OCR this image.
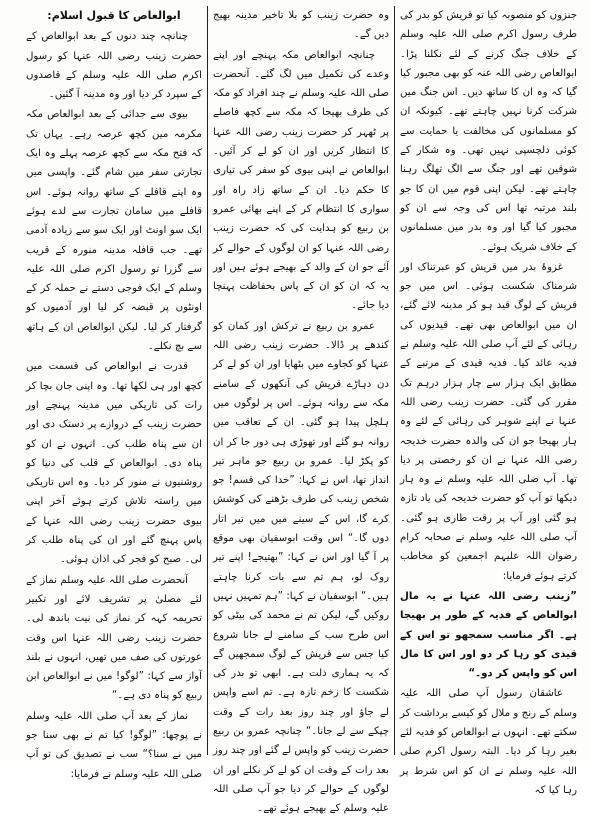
جنزوں کو منصوبہ کیا تو قریش کو بدر کی طرف رسول اکرم صلی اللہ علیہ وسلم کے خلاف جنگ کرنے کے لئے نکلنا پڑا۔ ابوالعاص رضی اللہ عنہ کو بھی مجبور کیا گیا کہ وہ ان کا ساتھ دیں۔ اس جنگ میں شرکت کرنا نہیں چاہتے تھے۔ کیونکہ ان کو مسلمانوں کی مخالفت یا حمایت سے کوئی دلچسپی نہیں تھی۔ وہ شکار کے شوقین تھے اور جنگ سے الگ تھلگ رہنا چاہتے تھے۔ لیکن اپنی قوم میں ان کا جو بلند مرتبہ تھا اس کی وجہ سے ان کو مجبور کیا گیا اور وہ بدر میں مسلمانوں کے خلاف شریک ہوئے۔

غزوۂ بدر میں قریش کو عبرتناک اور شرمناک شکست ہوئی۔ اس میں جو قریش کے لوگ قید ہو کر مدینہ لائے گئے، ان میں ابوالعاص بھی تھے۔ قیدیوں کی رہائی کے لئے آپ صلی اللہ علیہ وسلم نے فدیہ عائد کیا۔ فدیہ قیدی کے مرتبے کے مطابق ایک ہزار سے چار ہزار درہم تک مقرر کی گئی۔ حضرت زینب رضی اللہ عنہا نے اپنے شوہر کی رہائی کے لئے وہ ہار بھیجا جو ان کی والدہ حضرت خدیجہ رضی اللہ عنہا نے ان کو رخصتی پر دیا تھا۔ آپ صلی اللہ علیہ وسلم نے وہ ہار دیکھا تو آپ کو حضرت خدیجہ کی یاد تازہ ہو گئی اور آپ پر رقت طاری ہو گئی۔ آپ صلی اللہ علیہ وسلم نے صحابہ کرام رضوان اللہ علیہم اجمعین کو مخاطب کرتے ہوئے فرمایا:

”زینب رضی اللہ عنہا نے یہ مال ابوالعاص کے فدیہ کے طور پر بھیجا ہے۔ اگر مناسب سمجھو تو اس کے قیدی کو رہا کر دو اور اس کا مال اس کو واپس کر دو۔“

عاشقان رسول آپ صلی اللہ علیہ وسلم کے رنج و ملال کو کیسے برداشت کر سکتے تھے۔ انہوں نے ابوالعاص کو فدیہ لئے بغیر رہا کر دیا۔ البتہ رسول اکرم صلی اللہ علیہ وسلم نے ان کو اس شرط پر رہا کیا کہ

وہ حضرت زینب کو بلا تاخیر مدینہ بھیج دیں گے۔

چنانچہ ابوالعاص مکہ پہنچے اور اپنے وعدے کی تکمیل میں لگ گئے۔ آنحضرت صلی اللہ علیہ وسلم نے چند افراد کو مکہ کی طرف بھیجا کہ مکہ سے کچھ فاصلے پر ٹھہر کر حضرت زینب رضی اللہ عنہا کا انتظار کریں اور ان کو لے کر آئیں۔ ابوالعاص نے اپنی بیوی کو سفر کی تیاری کا حکم دیا۔ ان کے ساتھ زاد راہ اور سواری کا انتظام کر کے اپنے بھائی عمرو بن ربیع کو ہدایت کی کہ حضرت زینب رضی اللہ عنہا کو ان لوگوں کے حوالے کر آئے جو ان کے والد کے بھیجے ہوئے ہیں اور یہ کہ ان کو ان کے پاس بحفاظت پہنچا دیا جائے۔

عمرو بن ربیع نے ترکش اور کمان کو کندھے پر ڈالا۔ حضرت زینب رضی اللہ عنہا کو کجاوے میں بٹھایا اور ان کو لے کر دن دہاڑے قریش کی آنکھوں کے سامنے مکہ سے روانہ ہوئے۔ اس پر لوگوں میں ہلچل پیدا ہو گئی۔ ان کے تعاقب میں روانہ ہو گئے اور تھوڑی ہی دور جا کر ان کو پکڑ لیا۔ عمرو بن ربیع جو ماہر تیر انداز تھا، اس نے کہا: ”خدا کی قسم! جو شخص زینب کی طرف بڑھنے کی کوشش کرے گا، اس کے سینے میں میں تیر اتار دوں گا۔“ اس وقت ابوسفیان بھی موقع پر آ گیا اور اس نے کہا: ”بھتیجے! اپنے تیر روک لو، ہم تم سے بات کرنا چاہتے ہیں۔“ ابوسفیان نے کہا: ”ہم تمہیں نہیں روکیں گے، لیکن تم نے محمد کی بیٹی کو اس طرح سب کے سامنے لے جانا شروع کیا جس سے قریش کے لوگ سمجھیں گے کہ یہ ہماری ذلت ہے۔ ابھی تو بدر کی شکست کا زخم تازہ ہے۔ تم اسے واپس لے جاؤ اور چند روز بعد رات کے وقت چپکے سے لے جانا۔“ چنانچہ عمرو بن ربیع حضرت زینب کو واپس لے گئے اور چند روز بعد رات کے وقت ان کو لے کر نکلے اور ان لوگوں کے حوالے کر دیا جو آپ صلی اللہ علیہ وسلم کے بھیجے ہوئے تھے۔

ابوالعاص کا قبول اسلام:

چنانچہ چند دنوں کے بعد ابوالعاص کے حضرت زینب رضی اللہ عنہا کو رسول اکرم صلی اللہ علیہ وسلم کے قاصدوں کے سپرد کر دیا اور وہ مدینہ آ گئیں۔

بیوی سے جدائی کے بعد ابوالعاص مکہ مکرمہ میں کچھ عرصہ رہے۔ یہاں تک کہ فتح مکہ سے کچھ عرصہ پہلے وہ ایک تجارتی سفر میں شام گئے۔ واپسی میں وہ اپنے قافلے کے ساتھ روانہ ہوئے۔ اس قافلے میں سامان تجارت سے لدے ہوئے ایک سو اونٹ اور ایک سو سے زیادہ آدمی تھے۔ جب قافلہ مدینہ منورہ کے قریب سے گزرا تو رسول اکرم صلی اللہ علیہ وسلم کے ایک فوجی دستے نے حملہ کر کے اونٹوں پر قبضہ کر لیا اور آدمیوں کو گرفتار کر لیا۔ لیکن ابوالعاص ان کے ہاتھ سے بچ نکلے۔

قدرت نے ابوالعاص کی قسمت میں کچھ اور ہی لکھا تھا۔ وہ اپنی جان بچا کر رات کی تاریکی میں مدینہ پہنچے اور حضرت زینب کے دروازے پر دستک دی اور ان سے پناہ طلب کی۔ انہوں نے ان کو پناہ دی۔ ابوالعاص کے قلب کی دنیا کو روشنیوں نے منور کر دیا۔ وہ اس تاریکی میں راستہ تلاش کرتے ہوئے آخر اپنی بیوی حضرت زینب رضی اللہ عنہا کے پاس پہنچ گئے اور ان کی پناہ طلب کر لی۔ صبح کو فجر کی اذان ہوئی۔

آنحضرت صلی اللہ علیہ وسلم نماز کے لئے مصلیٰ پر تشریف لائے اور تکبیر تحریمہ کہہ کر نماز کی نیت باندھ لی۔ حضرت زینب رضی اللہ عنہا اس وقت عورتوں کی صف میں تھیں، انہوں نے بلند آواز سے کہا: ”لوگو! میں نے ابوالعاص ابن ربیع کو پناہ دی ہے۔“

نماز کے بعد آپ صلی اللہ علیہ وسلم نے پوچھا: ”لوگو! کیا تم نے بھی سنا جو میں نے سنا؟“ سب نے تصدیق کی تو آپ صلی اللہ علیہ وسلم نے فرمایا:
